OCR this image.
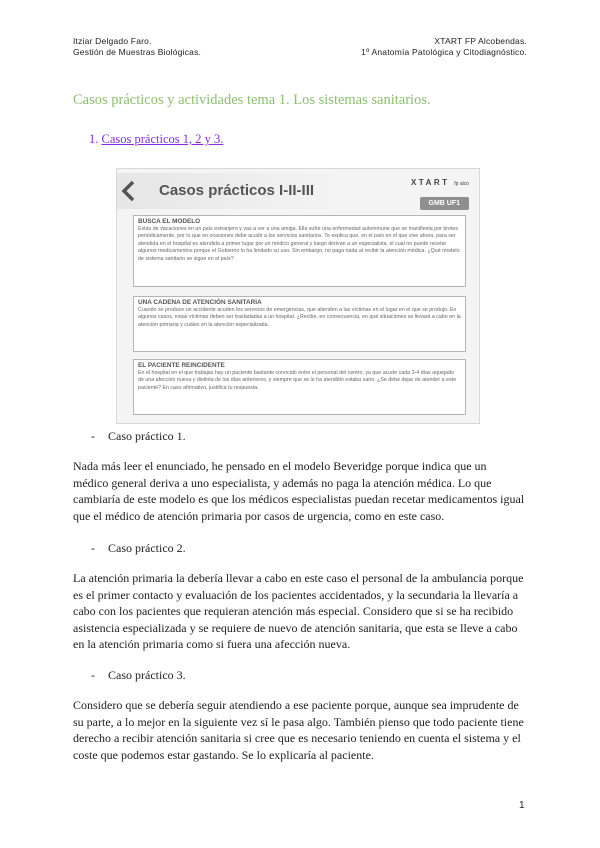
Itziar Delgado Faro.
Gestión de Muestras Biológicas.
XTART FP Alcobendas.
1º Anatomía Patológica y Citodiagnóstico.
Casos prácticos y actividades tema 1. Los sistemas sanitarios.
1. Casos prácticos 1, 2 y 3.
Casos prácticos I-II-III	XTART fp alco
GMB UF1
BUSCA EL MODELO

Estás de vacaciones en un país extranjero y vas a ver a una amiga. Ella sufre una enfermedad autoinmune que se manifiesta por brotes periódicamente, por lo que en ocasiones debe acudir a los servicios sanitarios. Te explica que, en el país en el que vive ahora, para ser atendida en el hospital es atendida a primer lugar por un médico general y luego derivan a un especialista, el cual no puede recetar algunos medicamentos porque el Gobierno lo ha limitado su uso. Sin embargo, no paga nada al recibir la atención médica. ¿Qué modelo de sistema sanitario se sigue en el país?

UNA CADENA DE ATENCIÓN SANITARIA

Cuando se produce un accidente acuden los servicios de emergencias, que atienden a las víctimas en el lugar en el que se produjo. En algunos casos, estas víctimas deben ser trasladadas a un hospital. ¿Recibe, en consecuencia, en qué situaciones se llevará a cabo en la atención primaria y cuáles en la atención especializada.

EL PACIENTE REINCIDENTE

En el hospital en el que trabajas hay un paciente bastante conocido entre el personal del centro, ya que acude cada 3-4 días aquejado de una afección nueva y distinta de los días anteriores, y siempre que se le ha atendido estaba sano. ¿Se debe dejar de atender a este paciente? En caso afirmativo, justifica tu respuesta.

- Caso práctico 1.
Nada más leer el enunciado, he pensado en el modelo Beveridge porque indica que un
médico general deriva a uno especialista, y además no paga la atención médica. Lo que
cambiaría de este modelo es que los médicos especialistas puedan recetar medicamentos igual
que el médico de atención primaria por casos de urgencia, como en este caso.
- Caso práctico 2.
La atención primaria la debería llevar a cabo en este caso el personal de la ambulancia porque
es el primer contacto y evaluación de los pacientes accidentados, y la secundaria la llevaría a
cabo con los pacientes que requieran atención más especial. Considero que si se ha recibido
asistencia especializada y se requiere de nuevo de atención sanitaria, que esta se lleve a cabo
en la atención primaria como si fuera una afección nueva.
- Caso práctico 3.
Considero que se debería seguir atendiendo a ese paciente porque, aunque sea imprudente de
su parte, a lo mejor en la siguiente vez sí le pasa algo. También pienso que todo paciente tiene
derecho a recibir atención sanitaria si cree que es necesario teniendo en cuenta el sistema y el
coste que podemos estar gastando. Se lo explicaría al paciente.
1
